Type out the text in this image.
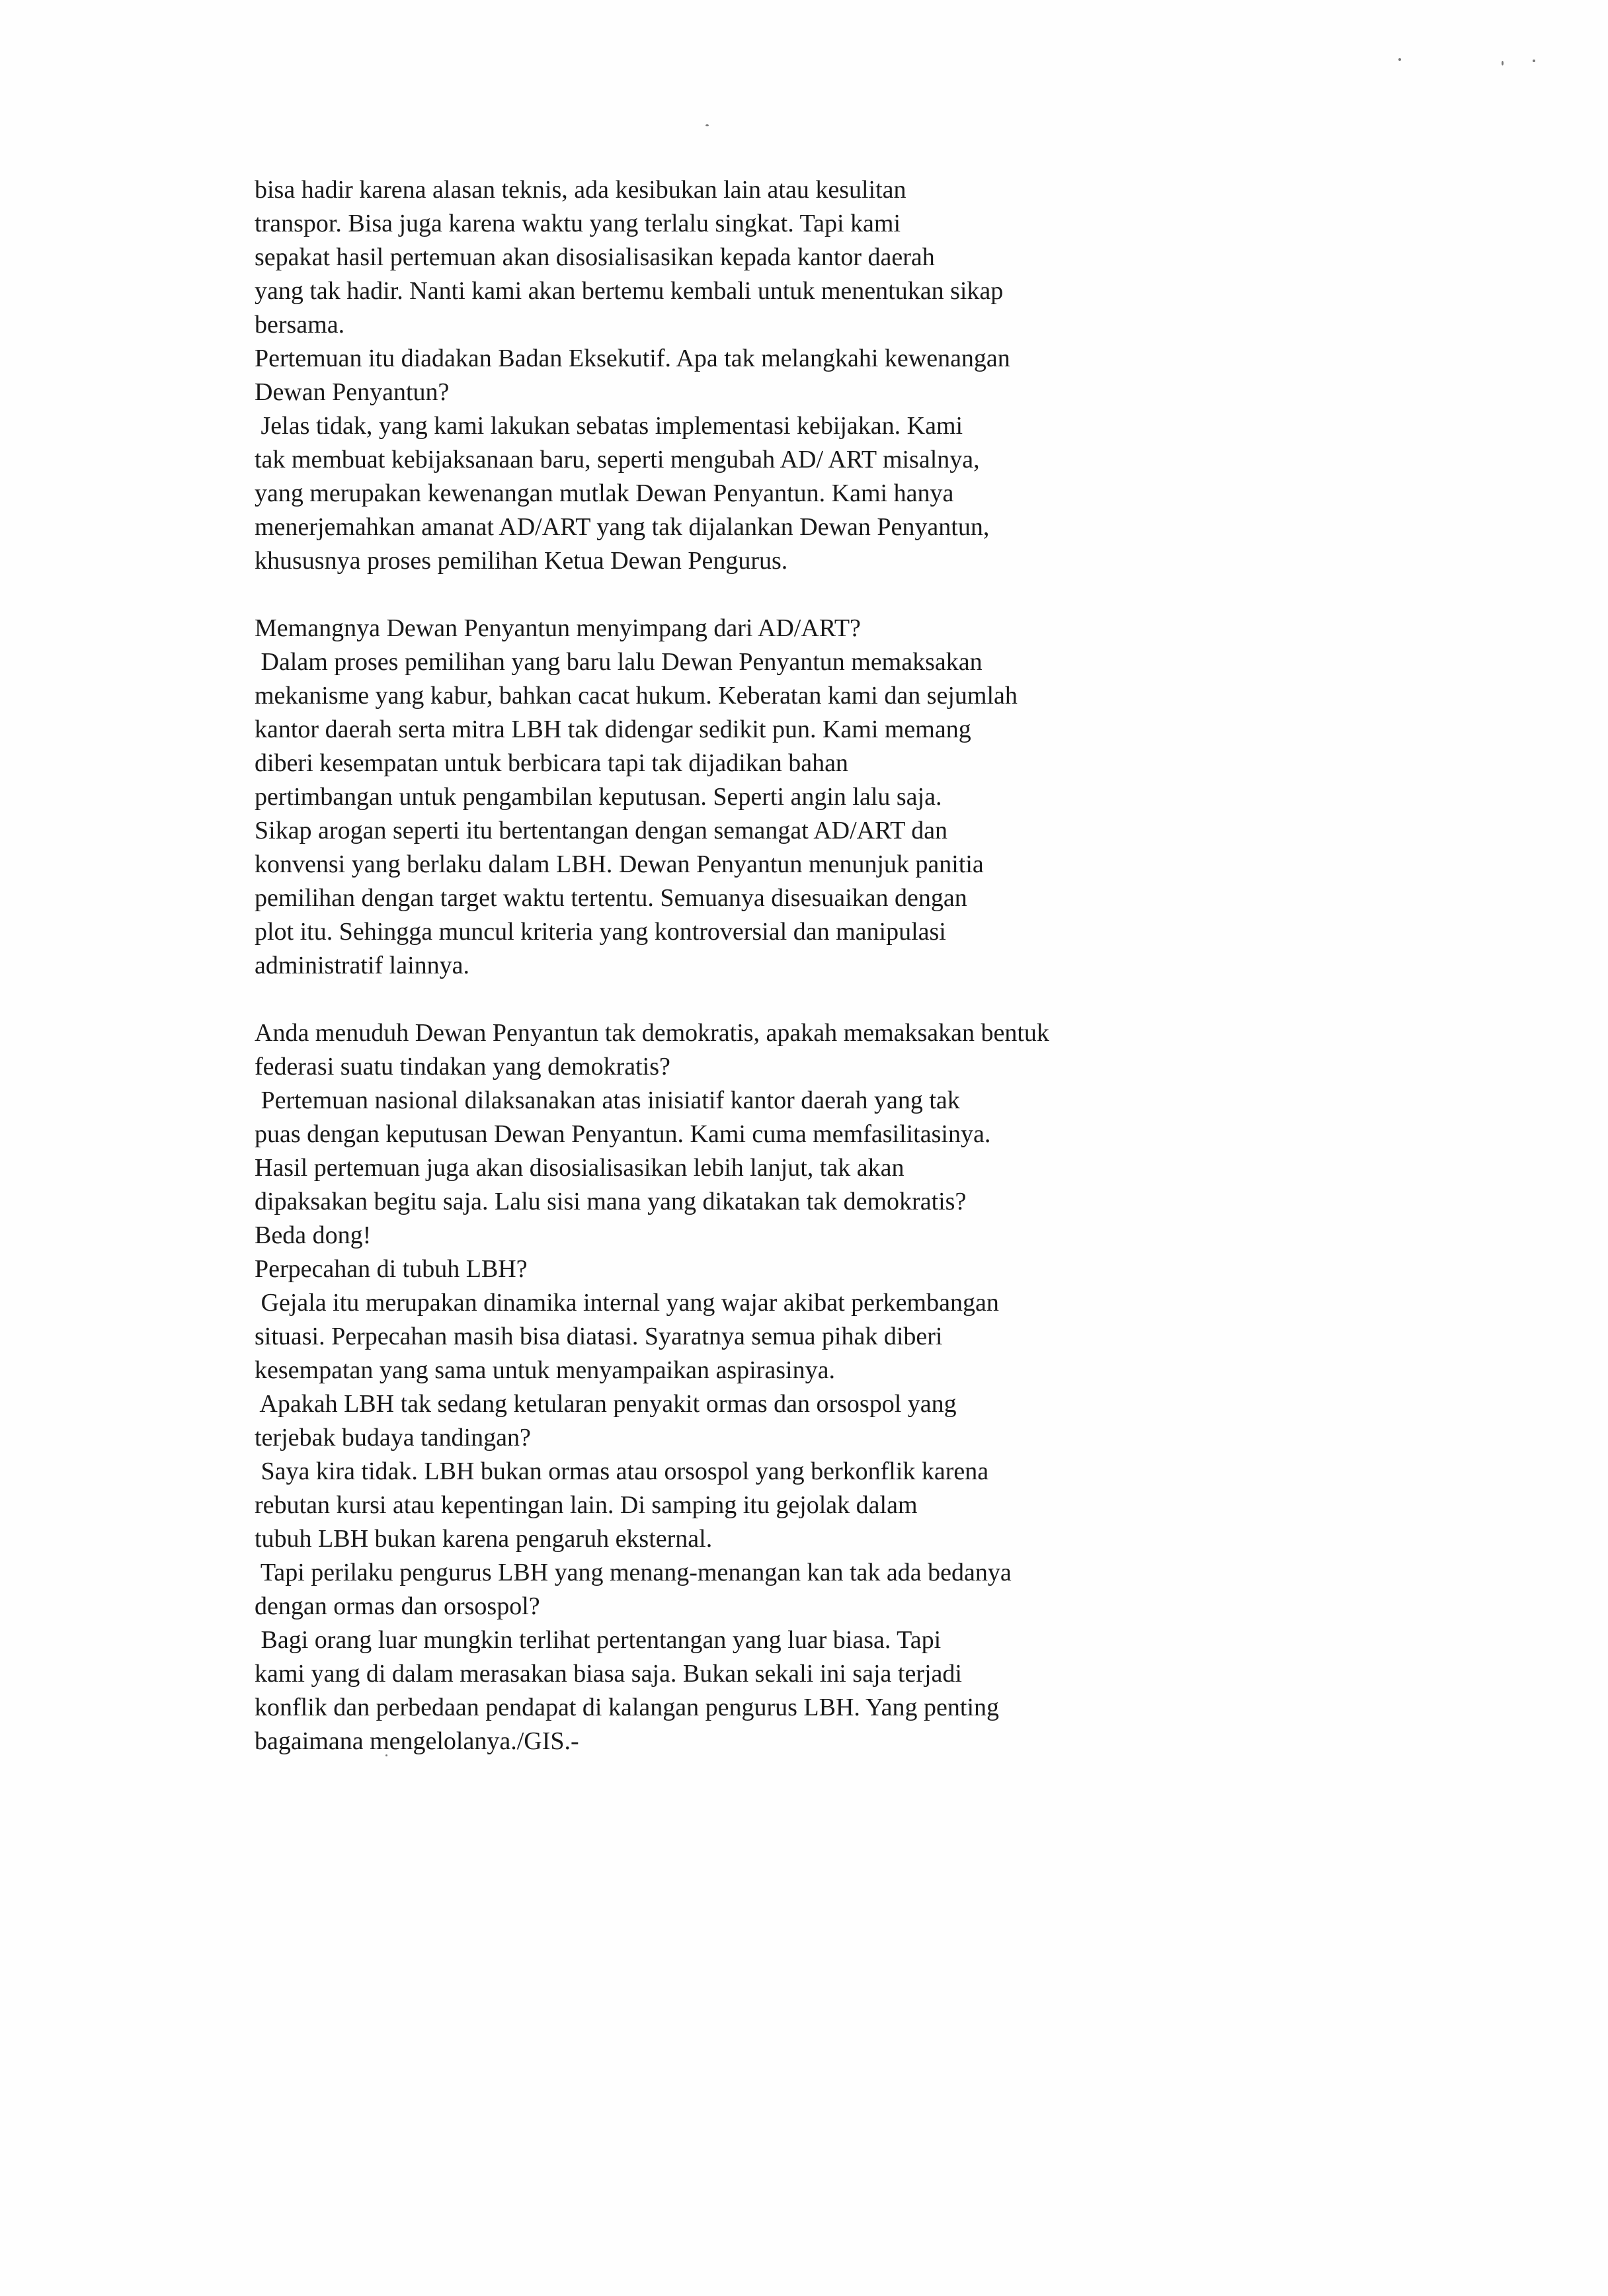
bisa hadir karena alasan teknis, ada kesibukan lain atau kesulitan
transpor. Bisa juga karena waktu yang terlalu singkat. Tapi kami
sepakat hasil pertemuan akan disosialisasikan kepada kantor daerah
yang tak hadir. Nanti kami akan bertemu kembali untuk menentukan sikap
bersama.
Pertemuan itu diadakan Badan Eksekutif. Apa tak melangkahi kewenangan
Dewan Penyantun?
Jelas tidak, yang kami lakukan sebatas implementasi kebijakan. Kami
tak membuat kebijaksanaan baru, seperti mengubah AD/ ART misalnya,
yang merupakan kewenangan mutlak Dewan Penyantun. Kami hanya
menerjemahkan amanat AD/ART yang tak dijalankan Dewan Penyantun,
khususnya proses pemilihan Ketua Dewan Pengurus.
Memangnya Dewan Penyantun menyimpang dari AD/ART?
Dalam proses pemilihan yang baru lalu Dewan Penyantun memaksakan
mekanisme yang kabur, bahkan cacat hukum. Keberatan kami dan sejumlah
kantor daerah serta mitra LBH tak didengar sedikit pun. Kami memang
diberi kesempatan untuk berbicara tapi tak dijadikan bahan
pertimbangan untuk pengambilan keputusan. Seperti angin lalu saja.
Sikap arogan seperti itu bertentangan dengan semangat AD/ART dan
konvensi yang berlaku dalam LBH. Dewan Penyantun menunjuk panitia
pemilihan dengan target waktu tertentu. Semuanya disesuaikan dengan
plot itu. Sehingga muncul kriteria yang kontroversial dan manipulasi
administratif lainnya.
Anda menuduh Dewan Penyantun tak demokratis, apakah memaksakan bentuk
federasi suatu tindakan yang demokratis?
Pertemuan nasional dilaksanakan atas inisiatif kantor daerah yang tak
puas dengan keputusan Dewan Penyantun. Kami cuma memfasilitasinya.
Hasil pertemuan juga akan disosialisasikan lebih lanjut, tak akan
dipaksakan begitu saja. Lalu sisi mana yang dikatakan tak demokratis?
Beda dong!
Perpecahan di tubuh LBH?
Gejala itu merupakan dinamika internal yang wajar akibat perkembangan
situasi. Perpecahan masih bisa diatasi. Syaratnya semua pihak diberi
kesempatan yang sama untuk menyampaikan aspirasinya.
Apakah LBH tak sedang ketularan penyakit ormas dan orsospol yang
terjebak budaya tandingan?
Saya kira tidak. LBH bukan ormas atau orsospol yang berkonflik karena
rebutan kursi atau kepentingan lain. Di samping itu gejolak dalam
tubuh LBH bukan karena pengaruh eksternal.
Tapi perilaku pengurus LBH yang menang-menangan kan tak ada bedanya
dengan ormas dan orsospol?
Bagi orang luar mungkin terlihat pertentangan yang luar biasa. Tapi
kami yang di dalam merasakan biasa saja. Bukan sekali ini saja terjadi
konflik dan perbedaan pendapat di kalangan pengurus LBH. Yang penting
bagaimana mengelolanya./GIS.-
